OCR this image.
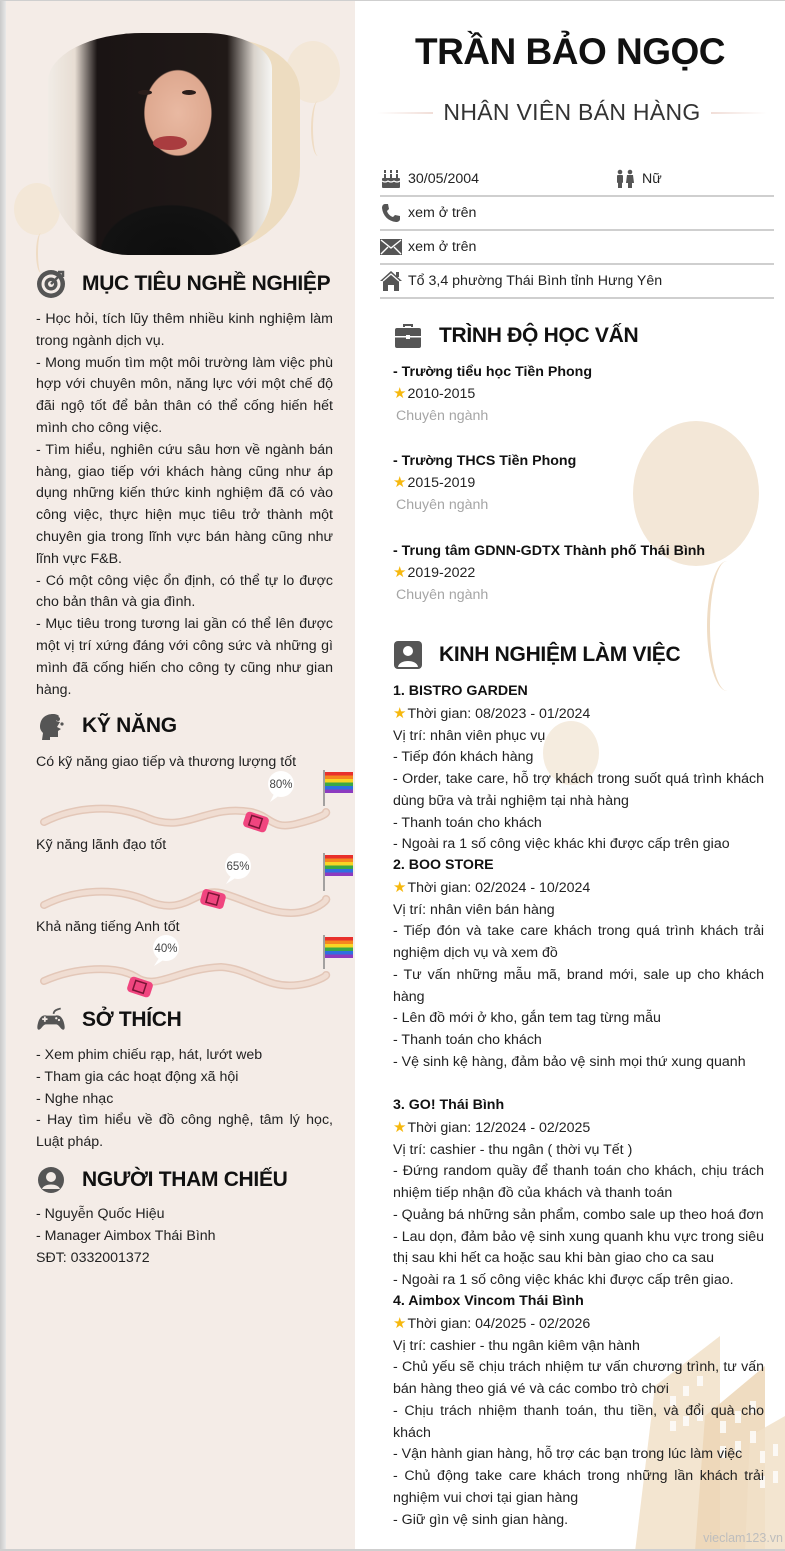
MỤC TIÊU NGHỀ NGHIỆP
- Học hỏi, tích lũy thêm nhiều kinh nghiệm làm trong ngành dịch vụ.
- Mong muốn tìm một môi trường làm việc phù hợp với chuyên môn, năng lực với một chế độ đãi ngộ tốt để bản thân có thể cống hiến hết mình cho công việc.
- Tìm hiểu, nghiên cứu sâu hơn về ngành bán hàng, giao tiếp với khách hàng cũng như áp dụng những kiến thức kinh nghiệm đã có vào công việc, thực hiện mục tiêu trở thành một chuyên gia trong lĩnh vực bán hàng cũng như lĩnh vực F&B.
- Có một công việc ổn định, có thể tự lo được cho bản thân và gia đình.
- Mục tiêu trong tương lai gần có thể lên được một vị trí xứng đáng với công sức và những gì mình đã cống hiến cho công ty cũng như gian hàng.
KỸ NĂNG
Có kỹ năng giao tiếp và thương lượng tốt
80%
Kỹ năng lãnh đạo tốt
65%
Khả năng tiếng Anh tốt
40%
SỞ THÍCH
- Xem phim chiếu rạp, hát, lướt web
- Tham gia các hoạt động xã hội
- Nghe nhạc
- Hay tìm hiểu về đồ công nghệ, tâm lý học, Luật pháp.
NGƯỜI THAM CHIẾU
- Nguyễn Quốc Hiệu
- Manager Aimbox Thái Bình
SĐT: 0332001372
TRẦN BẢO NGỌC
NHÂN VIÊN BÁN HÀNG
30/05/2004	Nữ
xem ở trên
xem ở trên
Tổ 3,4 phường Thái Bình tỉnh Hưng Yên
TRÌNH ĐỘ HỌC VẤN
- Trường tiểu học Tiền Phong
★ 2010-2015
Chuyên ngành
- Trường THCS Tiền Phong
★ 2015-2019
Chuyên ngành
- Trung tâm GDNN-GDTX Thành phố Thái Bình
★ 2019-2022
Chuyên ngành
KINH NGHIỆM LÀM VIỆC
1. BISTRO GARDEN
★Thời gian: 08/2023 - 01/2024
Vị trí: nhân viên phục vụ
- Tiếp đón khách hàng
- Order, take care, hỗ trợ khách trong suốt quá trình khách dùng bữa và trải nghiệm tại nhà hàng
- Thanh toán cho khách
- Ngoài ra 1 số công việc khác khi được cấp trên giao
2. BOO STORE
★Thời gian: 02/2024 - 10/2024
Vị trí: nhân viên bán hàng
- Tiếp đón và take care khách trong quá trình khách trải nghiệm dịch vụ và xem đồ
- Tư vấn những mẫu mã, brand mới, sale up cho khách hàng
- Lên đồ mới ở kho, gắn tem tag từng mẫu
- Thanh toán cho khách
- Vệ sinh kệ hàng, đảm bảo vệ sinh mọi thứ xung quanh
3. GO! Thái Bình
★Thời gian: 12/2024 - 02/2025
Vị trí: cashier - thu ngân ( thời vụ Tết )
- Đứng random quầy để thanh toán cho khách, chịu trách nhiệm tiếp nhận đồ của khách và thanh toán
- Quảng bá những sản phẩm, combo sale up theo hoá đơn
- Lau dọn, đảm bảo vệ sinh xung quanh khu vực trong siêu thị sau khi hết ca hoặc sau khi bàn giao cho ca sau
- Ngoài ra 1 số công việc khác khi được cấp trên giao.
4. Aimbox Vincom Thái Bình
★Thời gian: 04/2025 - 02/2026
Vị trí: cashier - thu ngân kiêm vận hành
- Chủ yếu sẽ chịu trách nhiệm tư vấn chương trình, tư vấn bán hàng theo giá vé và các combo trò chơi
- Chịu trách nhiệm thanh toán, thu tiền, và đổi quà cho khách
- Vận hành gian hàng, hỗ trợ các bạn trong lúc làm việc
- Chủ động take care khách trong những lần khách trải nghiệm vui chơi tại gian hàng
- Giữ gìn vệ sinh gian hàng.
vieclam123.vn
